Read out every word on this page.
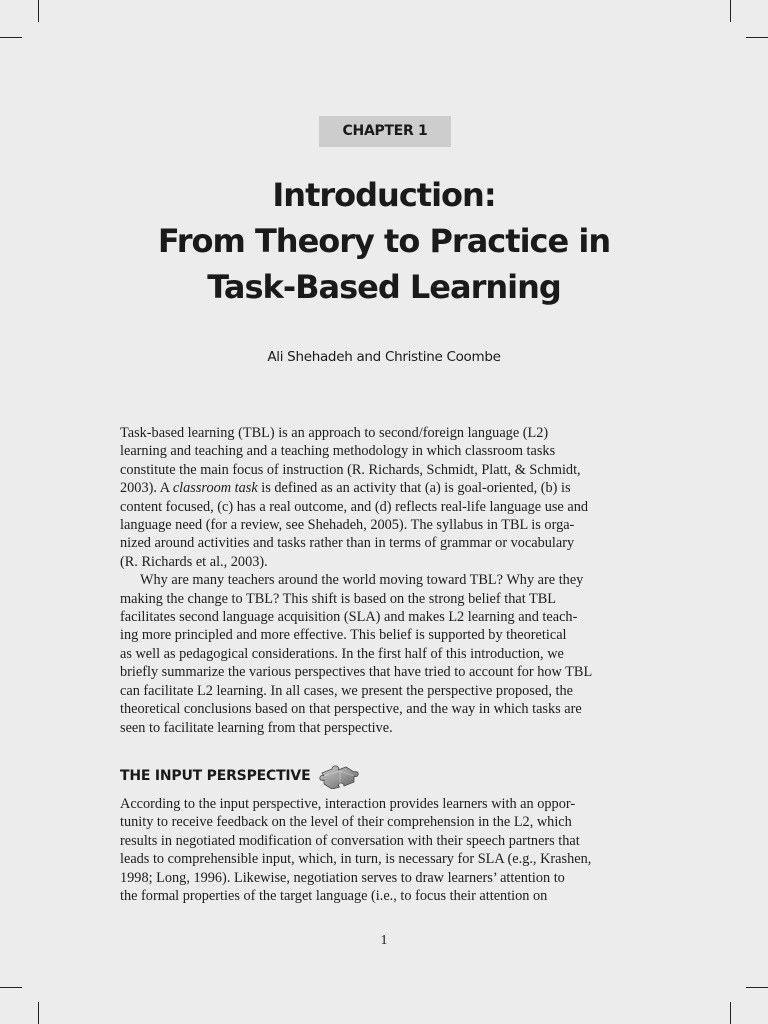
CHAPTER 1
Introduction:
From Theory to Practice in
Task-Based Learning
Ali Shehadeh and Christine Coombe
Task-based learning (TBL) is an approach to second/foreign language (L2)
learning and teaching and a teaching methodology in which classroom tasks
constitute the main focus of instruction (R. Richards, Schmidt, Platt, & Schmidt,
2003). A classroom task is defined as an activity that (a) is goal-oriented, (b) is
content focused, (c) has a real outcome, and (d) reflects real-life language use and
language need (for a review, see Shehadeh, 2005). The syllabus in TBL is orga-
nized around activities and tasks rather than in terms of grammar or vocabulary
(R. Richards et al., 2003).
Why are many teachers around the world moving toward TBL? Why are they
making the change to TBL? This shift is based on the strong belief that TBL
facilitates second language acquisition (SLA) and makes L2 learning and teach-
ing more principled and more effective. This belief is supported by theoretical
as well as pedagogical considerations. In the first half of this introduction, we
briefly summarize the various perspectives that have tried to account for how TBL
can facilitate L2 learning. In all cases, we present the perspective proposed, the
theoretical conclusions based on that perspective, and the way in which tasks are
seen to facilitate learning from that perspective.
THE INPUT PERSPECTIVE
According to the input perspective, interaction provides learners with an oppor-
tunity to receive feedback on the level of their comprehension in the L2, which
results in negotiated modification of conversation with their speech partners that
leads to comprehensible input, which, in turn, is necessary for SLA (e.g., Krashen,
1998; Long, 1996). Likewise, negotiation serves to draw learners’ attention to
the formal properties of the target language (i.e., to focus their attention on
1
